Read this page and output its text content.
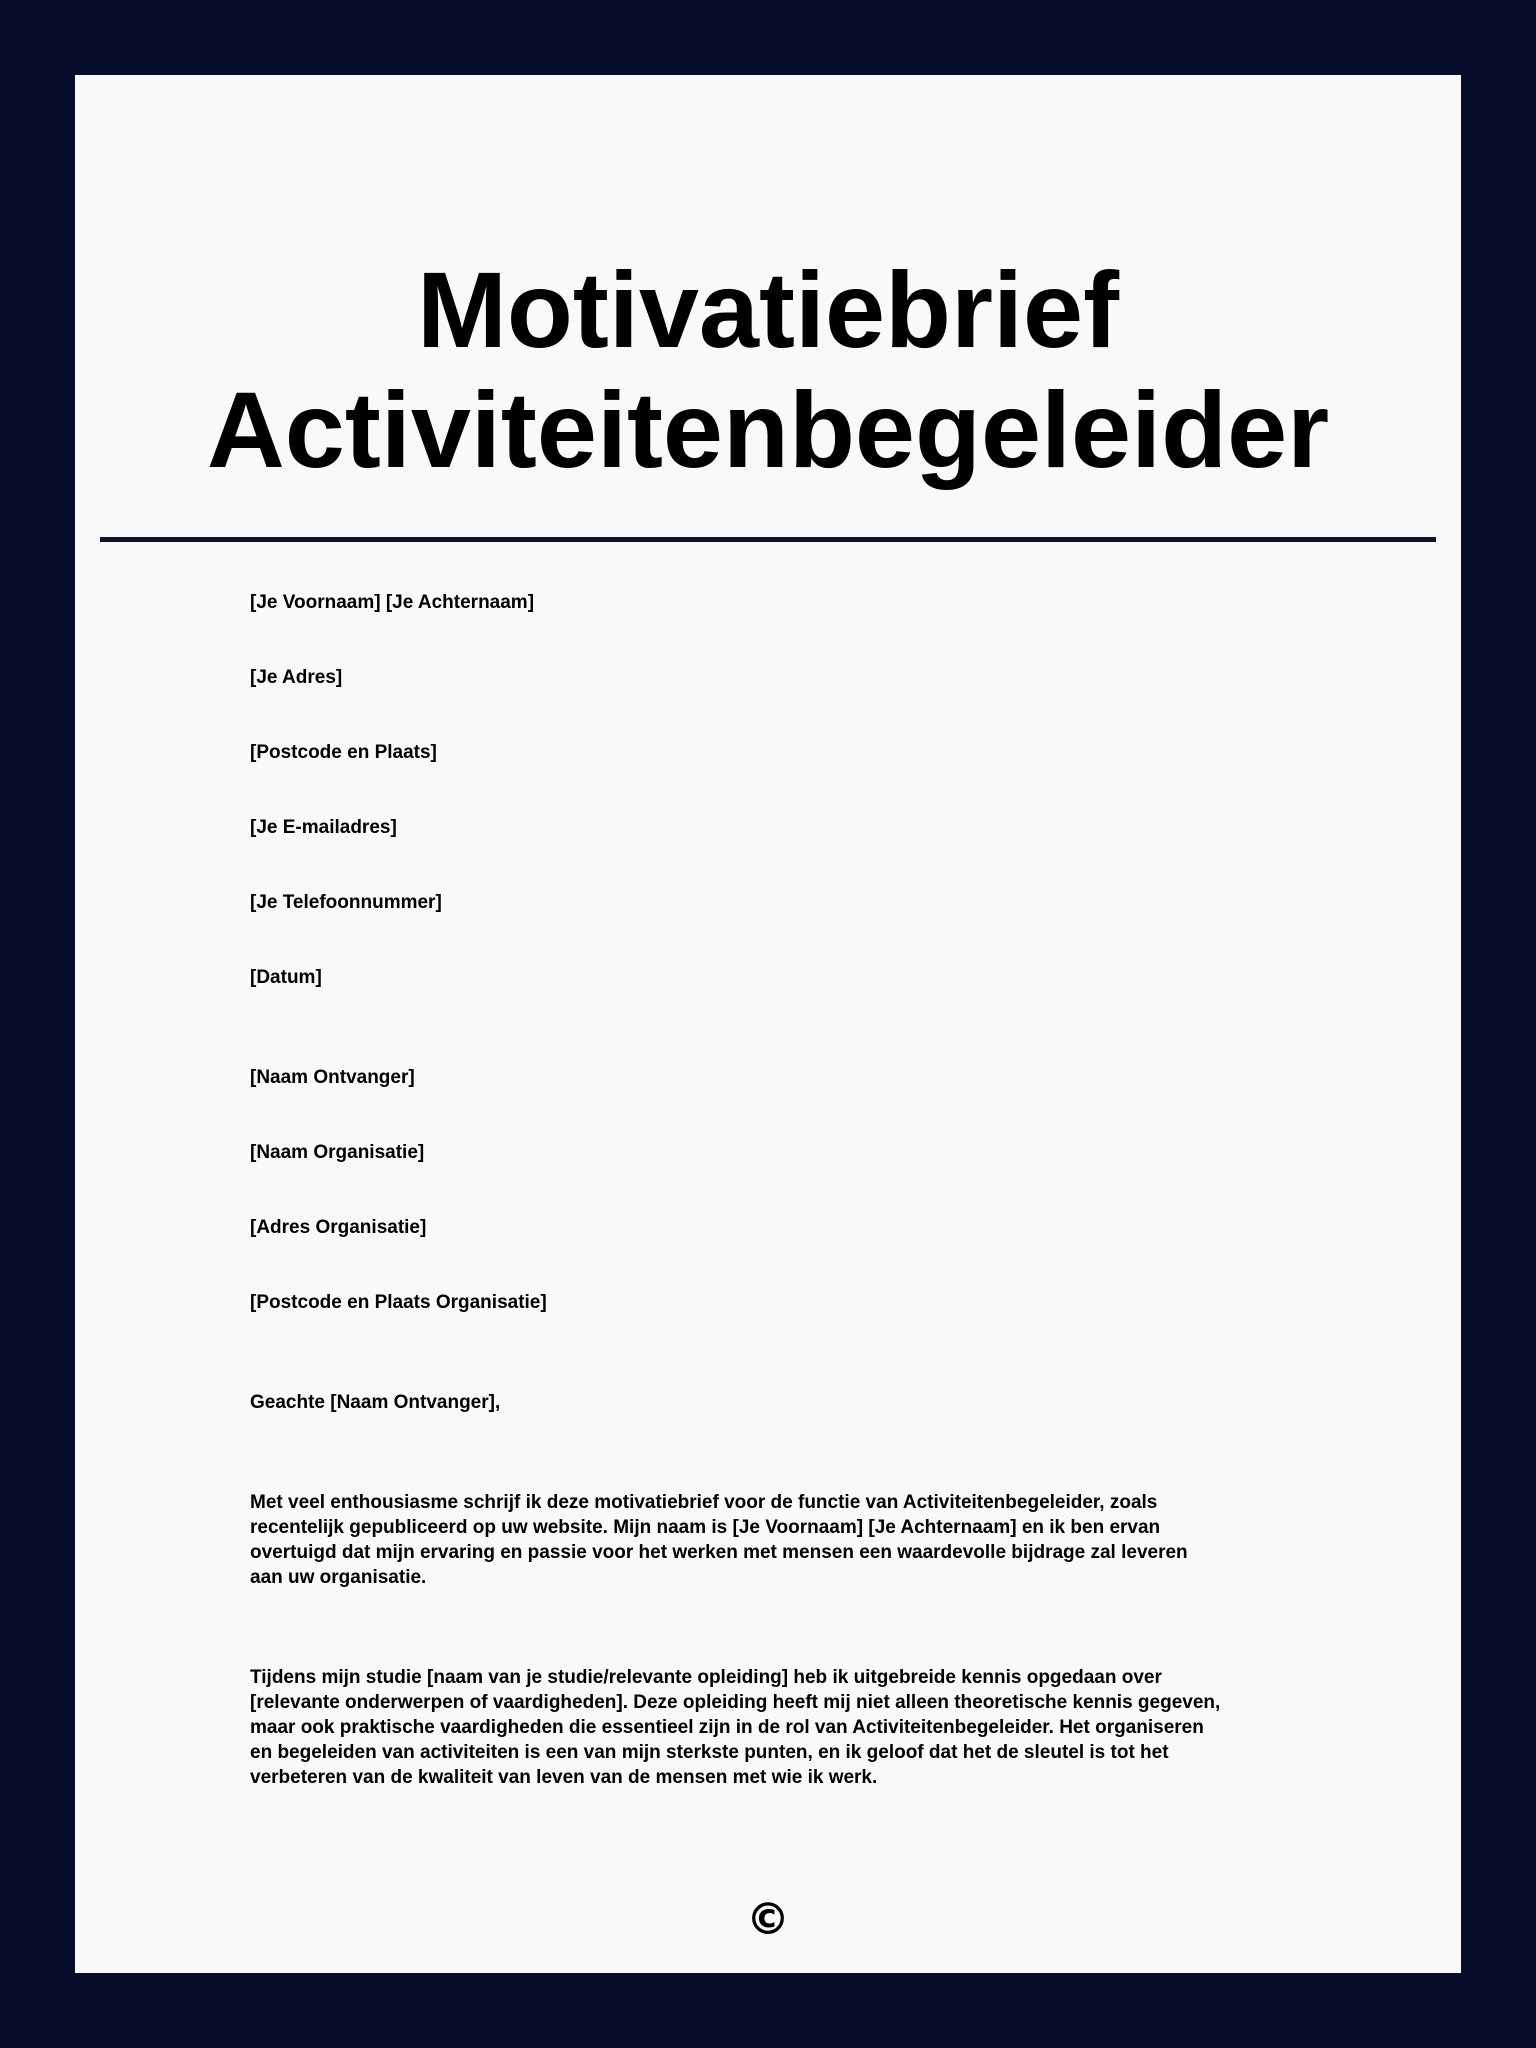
Motivatiebrief
Activiteitenbegeleider

[Je Voornaam] [Je Achternaam]

[Je Adres]

[Postcode en Plaats]

[Je E-mailadres]

[Je Telefoonnummer]

[Datum]

[Naam Ontvanger]

[Naam Organisatie]

[Adres Organisatie]

[Postcode en Plaats Organisatie]

Geachte [Naam Ontvanger],

Met veel enthousiasme schrijf ik deze motivatiebrief voor de functie van Activiteitenbegeleider, zoals
recentelijk gepubliceerd op uw website. Mijn naam is [Je Voornaam] [Je Achternaam] en ik ben ervan
overtuigd dat mijn ervaring en passie voor het werken met mensen een waardevolle bijdrage zal leveren
aan uw organisatie.
Tijdens mijn studie [naam van je studie/relevante opleiding] heb ik uitgebreide kennis opgedaan over
[relevante onderwerpen of vaardigheden]. Deze opleiding heeft mij niet alleen theoretische kennis gegeven,
maar ook praktische vaardigheden die essentieel zijn in de rol van Activiteitenbegeleider. Het organiseren
en begeleiden van activiteiten is een van mijn sterkste punten, en ik geloof dat het de sleutel is tot het
verbeteren van de kwaliteit van leven van de mensen met wie ik werk.
©
